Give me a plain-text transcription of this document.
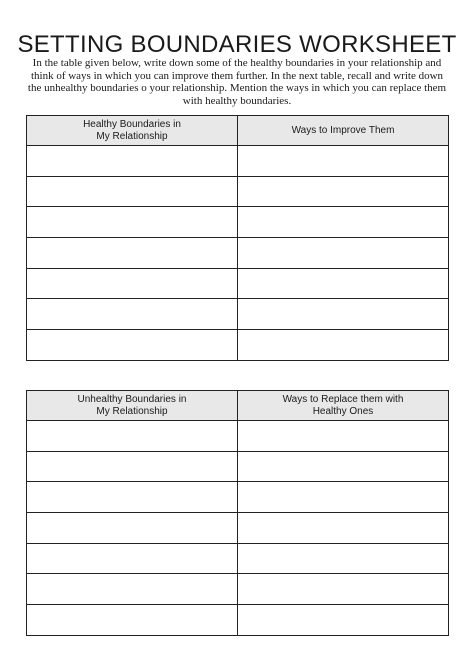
SETTING BOUNDARIES WORKSHEET
In the table given below, write down some of the healthy boundaries in your relationship and
think of ways in which you can improve them further. In the next table, recall and write down
the unhealthy boundaries o your relationship. Mention the ways in which you can replace them
with healthy boundaries.
Healthy Boundaries in
My Relationship	Ways to Improve Them

Unhealthy Boundaries in
My Relationship	Ways to Replace them with
Healthy Ones
